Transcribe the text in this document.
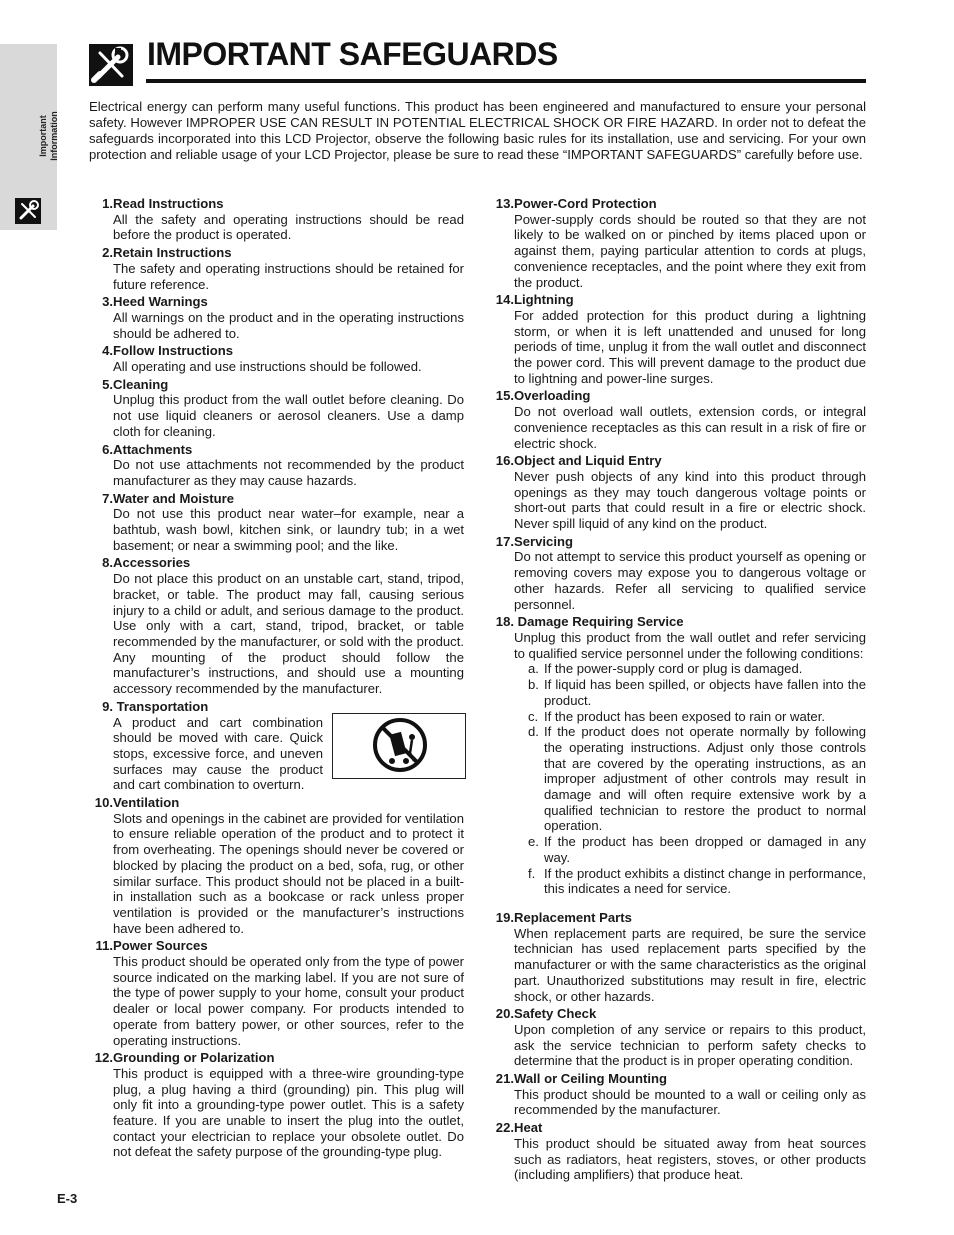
Important Information
IMPORTANT SAFEGUARDS

Electrical energy can perform many useful functions. This product has been engineered and manufactured to ensure your personal safety. However IMPROPER USE CAN RESULT IN POTENTIAL ELECTRICAL SHOCK OR FIRE HAZARD. In order not to defeat the safeguards incorporated into this LCD Projector, observe the following basic rules for its installation, use and servicing. For your own protection and reliable usage of your LCD Projector, please be sure to read these “IMPORTANT SAFEGUARDS” carefully before use.

1.Read Instructions
All the safety and operating instructions should be read before the product is operated.
2.Retain Instructions
The safety and operating instructions should be retained for future reference.
3.Heed Warnings
All warnings on the product and in the operating instructions should be adhered to.
4.Follow Instructions
All operating and use instructions should be followed.
5.Cleaning
Unplug this product from the wall outlet before cleaning. Do not use liquid cleaners or aerosol cleaners. Use a damp cloth for cleaning.
6.Attachments
Do not use attachments not recommended by the product manufacturer as they may cause hazards.
7.Water and Moisture
Do not use this product near water–for example, near a bathtub, wash bowl, kitchen sink, or laundry tub; in a wet basement; or near a swimming pool; and the like.
8.Accessories
Do not place this product on an unstable cart, stand, tripod, bracket, or table. The product may fall, causing serious injury to a child or adult, and serious damage to the product. Use only with a cart, stand, tripod, bracket, or table recommended by the manufacturer, or sold with the product. Any mounting of the product should follow the manufacturer’s instructions, and should use a mounting accessory recommended by the manufacturer.
9. Transportation
A product and cart combination should be moved with care. Quick stops, excessive force, and uneven surfaces may cause the product and cart combination to overturn.
10.Ventilation
Slots and openings in the cabinet are provided for ventilation to ensure reliable operation of the product and to protect it from overheating. The openings should never be covered or blocked by placing the product on a bed, sofa, rug, or other similar surface. This product should not be placed in a built-in installation such as a bookcase or rack unless proper ventilation is provided or the manufacturer’s instructions have been adhered to.
11.Power Sources
This product should be operated only from the type of power source indicated on the marking label. If you are not sure of the type of power supply to your home, consult your product dealer or local power company. For products intended to operate from battery power, or other sources, refer to the operating instructions.
12.Grounding or Polarization
This product is equipped with a three-wire grounding-type plug, a plug having a third (grounding) pin. This plug will only fit into a grounding-type power outlet. This is a safety feature. If you are unable to insert the plug into the outlet, contact your electrician to replace your obsolete outlet. Do not defeat the safety purpose of the grounding-type plug.
13.Power-Cord Protection
Power-supply cords should be routed so that they are not likely to be walked on or pinched by items placed upon or against them, paying particular attention to cords at plugs, convenience receptacles, and the point where they exit from the product.
14.Lightning
For added protection for this product during a lightning storm, or when it is left unattended and unused for long periods of time, unplug it from the wall outlet and disconnect the power cord. This will prevent damage to the product due to lightning and power-line surges.
15.Overloading
Do not overload wall outlets, extension cords, or integral convenience receptacles as this can result in a risk of fire or electric shock.
16.Object and Liquid Entry
Never push objects of any kind into this product through openings as they may touch dangerous voltage points or short-out parts that could result in a fire or electric shock. Never spill liquid of any kind on the product.
17.Servicing
Do not attempt to service this product yourself as opening or removing covers may expose you to dangerous voltage or other hazards. Refer all servicing to qualified service personnel.
18. Damage Requiring Service
Unplug this product from the wall outlet and refer servicing to qualified service personnel under the following conditions:
a. If the power-supply cord or plug is damaged.
b. If liquid has been spilled, or objects have fallen into the product.
c. If the product has been exposed to rain or water.
d. If the product does not operate normally by following the operating instructions. Adjust only those controls that are covered by the operating instructions, as an improper adjustment of other controls may result in damage and will often require extensive work by a qualified technician to restore the product to normal operation.
e. If the product has been dropped or damaged in any way.
f. If the product exhibits a distinct change in performance, this indicates a need for service.
19.Replacement Parts
When replacement parts are required, be sure the service technician has used replacement parts specified by the manufacturer or with the same characteristics as the original part. Unauthorized substitutions may result in fire, electric shock, or other hazards.
20.Safety Check
Upon completion of any service or repairs to this product, ask the service technician to perform safety checks to determine that the product is in proper operating condition.
21.Wall or Ceiling Mounting
This product should be mounted to a wall or ceiling only as recommended by the manufacturer.
22.Heat
This product should be situated away from heat sources such as radiators, heat registers, stoves, or other products (including amplifiers) that produce heat.
E-3
